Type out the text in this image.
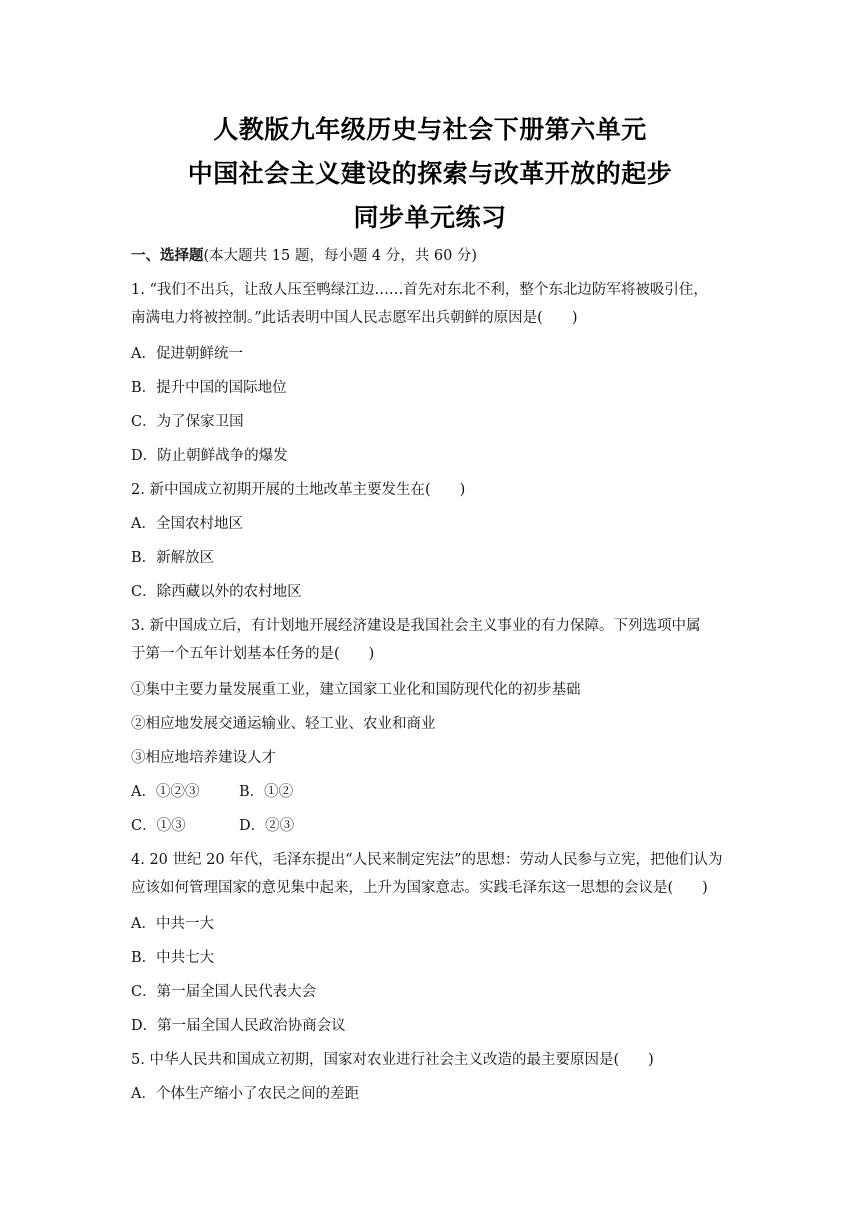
人教版九年级历史与社会下册第六单元
中国社会主义建设的探索与改革开放的起步
同步单元练习
一、选择题(本大题共 15 题，每小题 4 分，共 60 分)
1. “我们不出兵，让敌人压至鸭绿江边……首先对东北不利，整个东北边防军将被吸引住，
南满电力将被控制。”此话表明中国人民志愿军出兵朝鲜的原因是(　　)
A．促进朝鲜统一
B．提升中国的国际地位
C．为了保家卫国
D．防止朝鲜战争的爆发
2. 新中国成立初期开展的土地改革主要发生在(　　)
A．全国农村地区
B．新解放区
C．除西藏以外的农村地区
3. 新中国成立后，有计划地开展经济建设是我国社会主义事业的有力保障。下列选项中属
于第一个五年计划基本任务的是(　　)
①集中主要力量发展重工业，建立国家工业化和国防现代化的初步基础
②相应地发展交通运输业、轻工业、农业和商业
③相应地培养建设人才
A．①②③	B．①②
C．①③	D．②③
4. 20 世纪 20 年代，毛泽东提出“人民来制定宪法”的思想：劳动人民参与立宪，把他们认为
应该如何管理国家的意见集中起来，上升为国家意志。实践毛泽东这一思想的会议是(　　)
A．中共一大
B．中共七大
C．第一届全国人民代表大会
D．第一届全国人民政治协商会议
5. 中华人民共和国成立初期，国家对农业进行社会主义改造的最主要原因是(　　)
A．个体生产缩小了农民之间的差距
